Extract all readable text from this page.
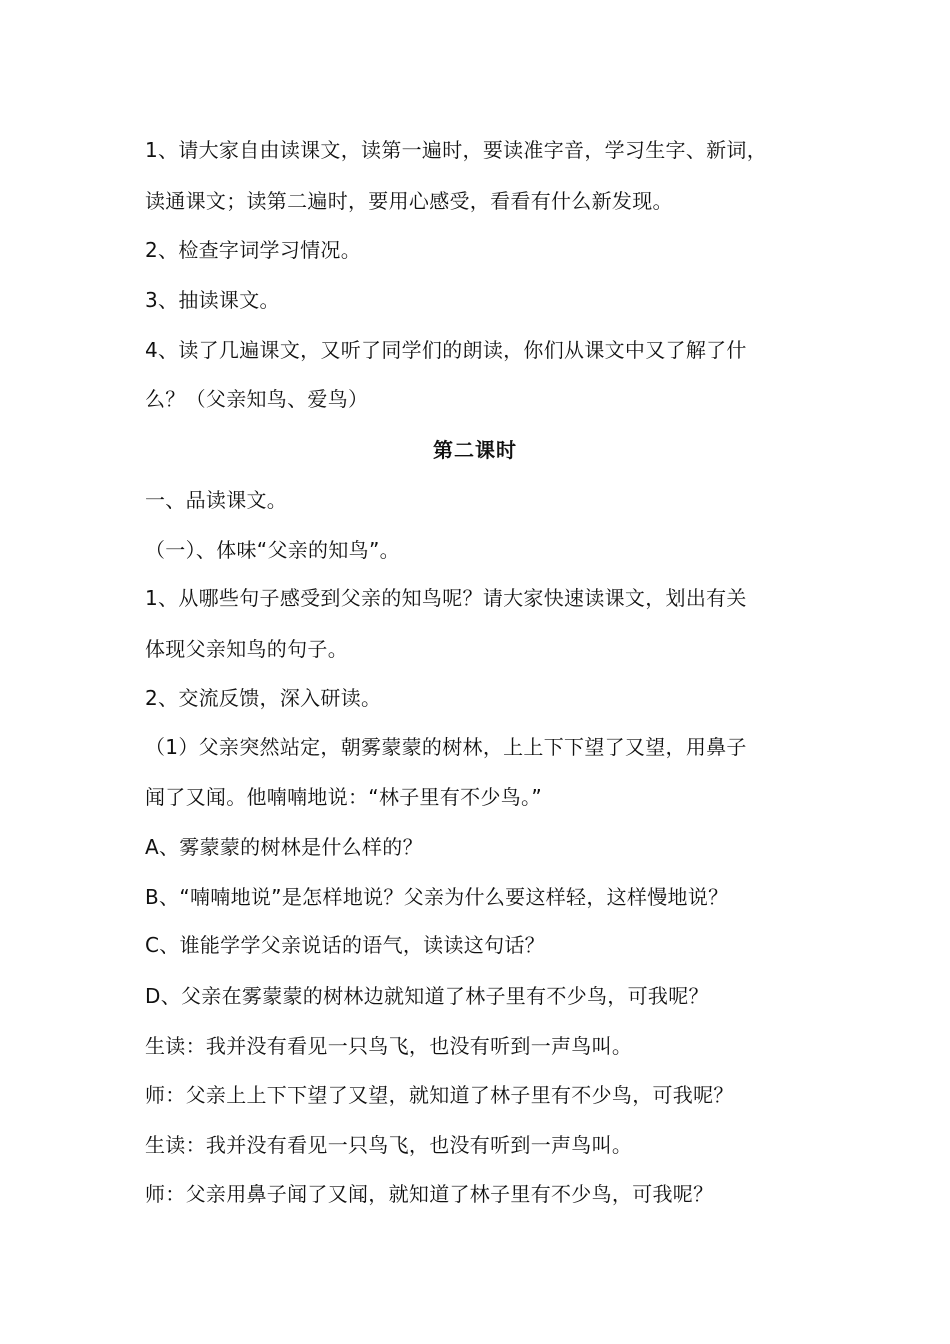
1、请大家自由读课文，读第一遍时，要读准字音，学习生字、新词，
读通课文；读第二遍时，要用心感受，看看有什么新发现。
2、检查字词学习情况。
3、抽读课文。
4、读了几遍课文，又听了同学们的朗读，你们从课文中又了解了什
么？（父亲知鸟、爱鸟）
第二课时
一、品读课文。
（一）、体味“父亲的知鸟”。
1、从哪些句子感受到父亲的知鸟呢？请大家快速读课文，划出有关
体现父亲知鸟的句子。
2、交流反馈，深入研读。
（1）父亲突然站定，朝雾蒙蒙的树林，上上下下望了又望，用鼻子
闻了又闻。他喃喃地说：“林子里有不少鸟。”
A、雾蒙蒙的树林是什么样的？
B、“喃喃地说”是怎样地说？父亲为什么要这样轻，这样慢地说？
C、谁能学学父亲说话的语气，读读这句话？
D、父亲在雾蒙蒙的树林边就知道了林子里有不少鸟，可我呢？
生读：我并没有看见一只鸟飞，也没有听到一声鸟叫。
师：父亲上上下下望了又望，就知道了林子里有不少鸟，可我呢？
生读：我并没有看见一只鸟飞，也没有听到一声鸟叫。
师：父亲用鼻子闻了又闻，就知道了林子里有不少鸟，可我呢？
